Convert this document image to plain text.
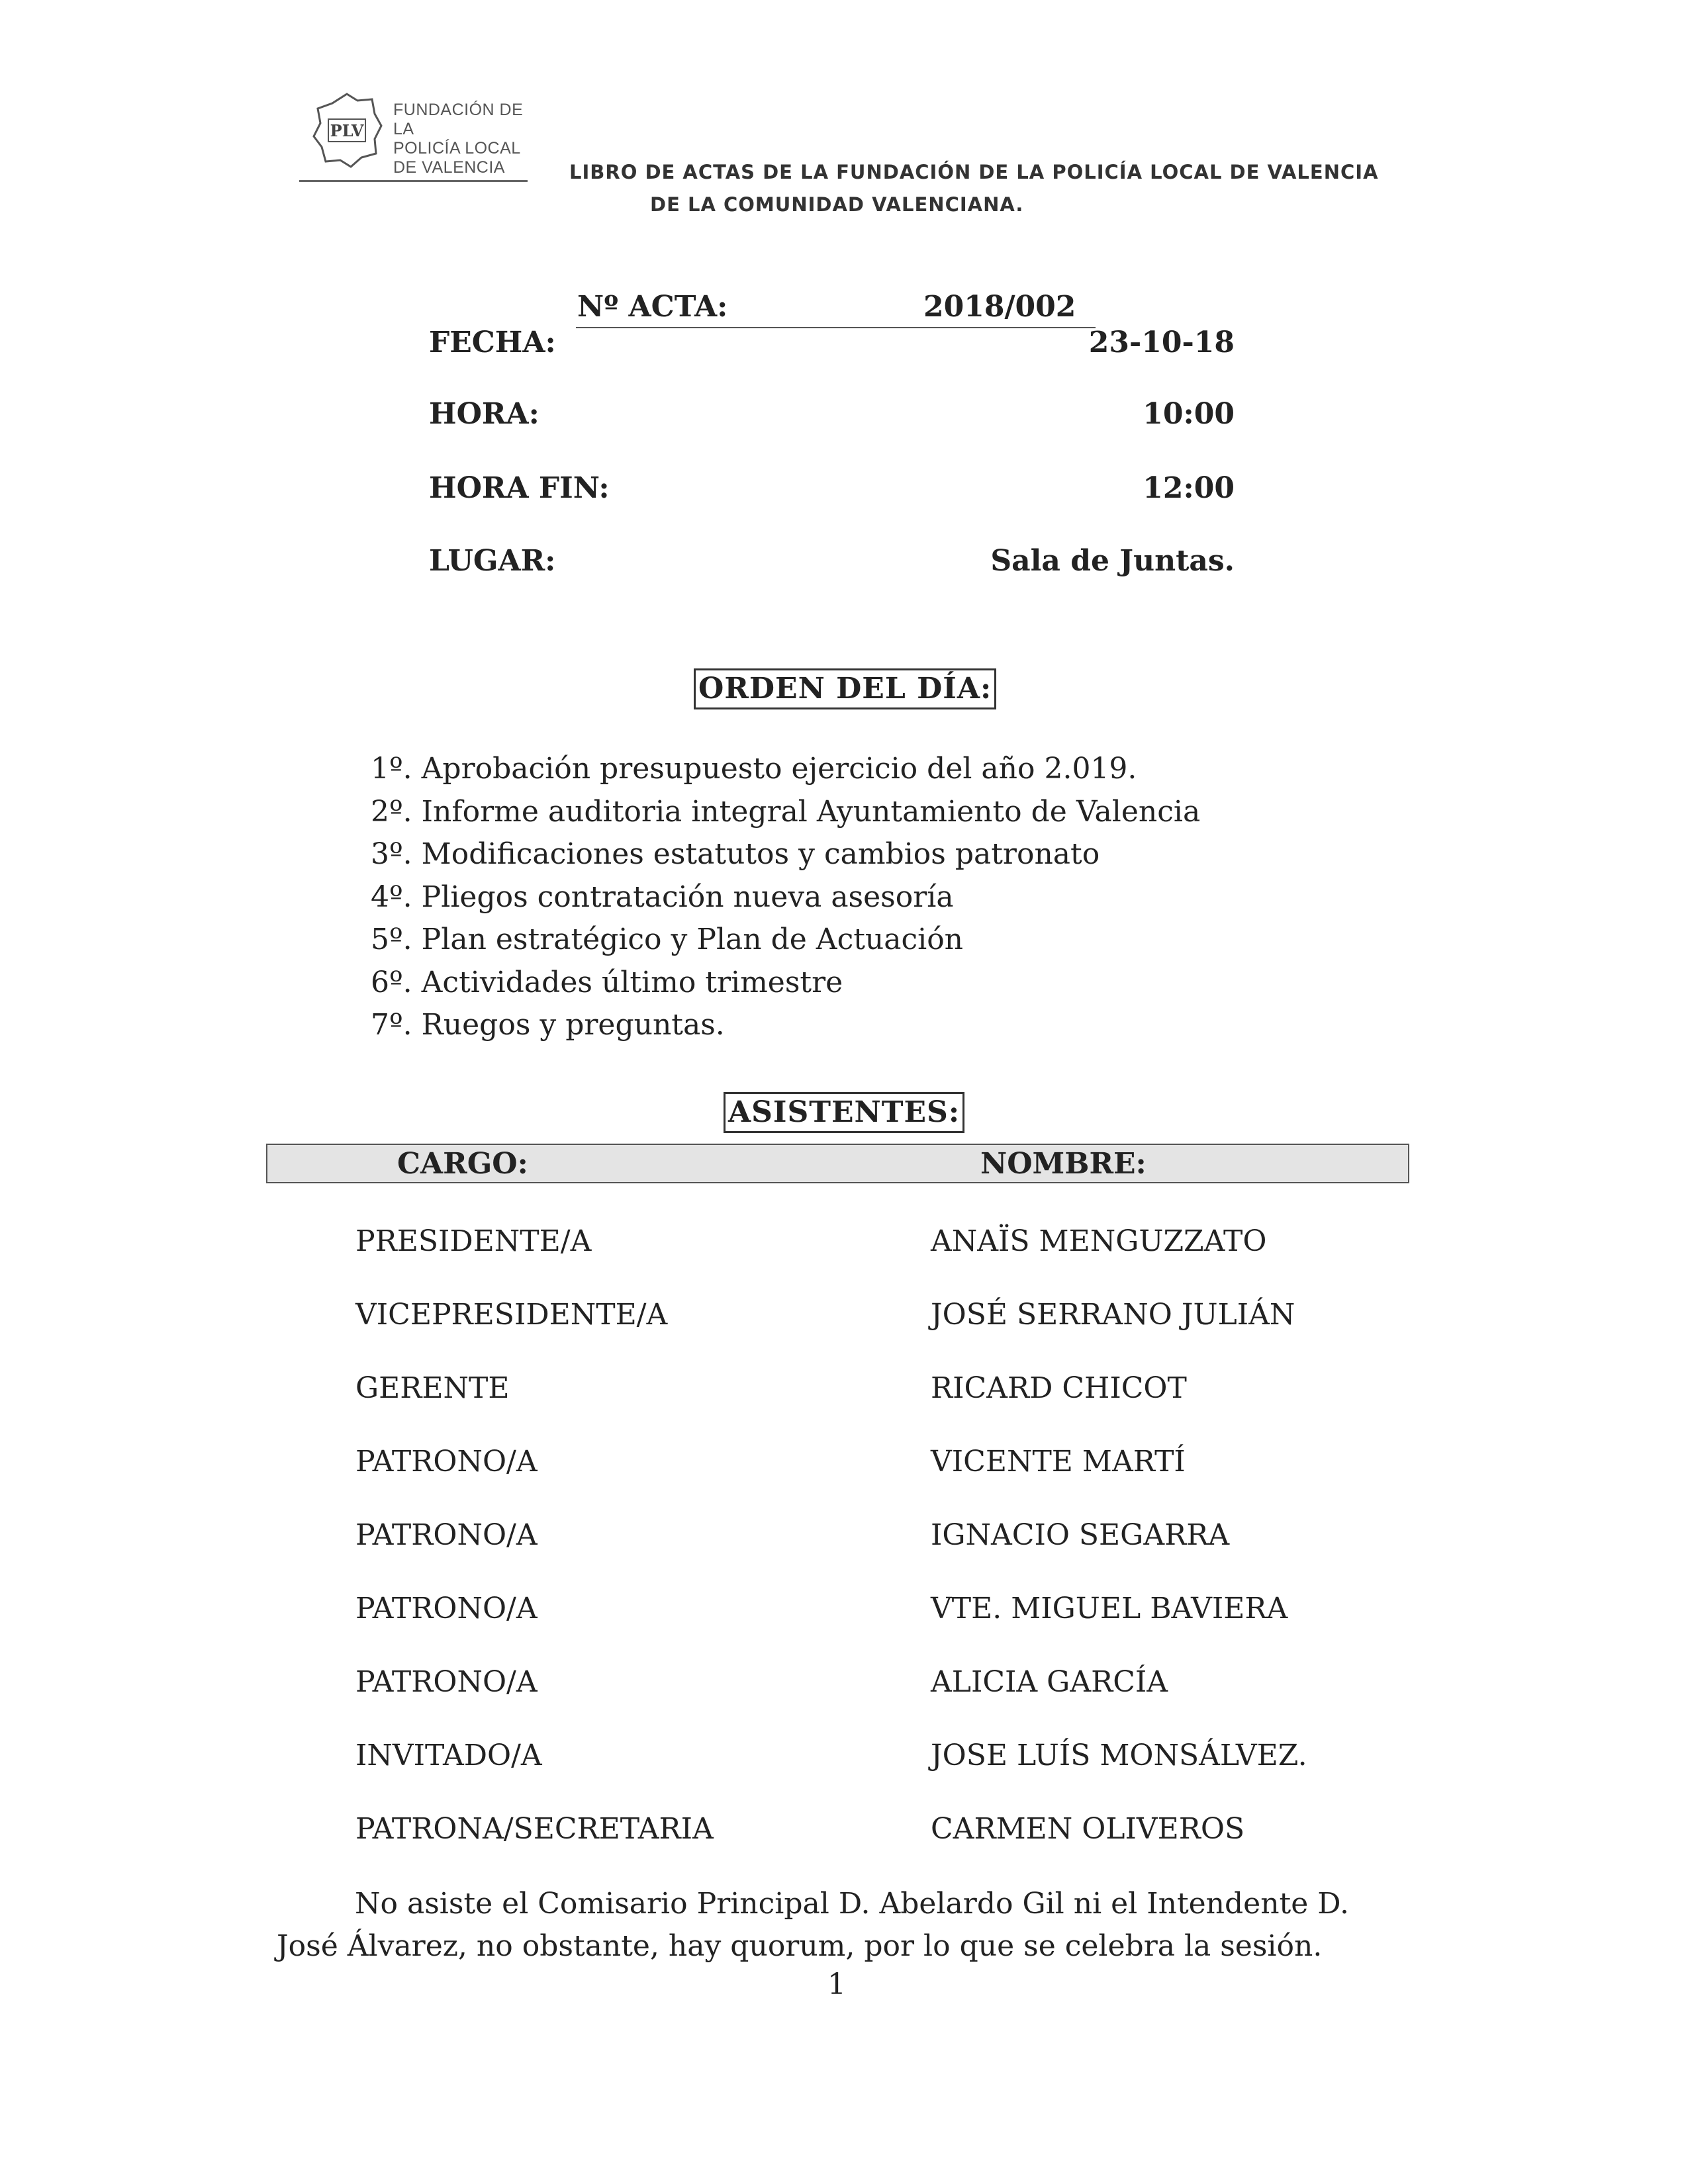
PLV
FUNDACIÓN DE LA
POLICÍA LOCAL
DE VALENCIA	LIBRO DE ACTAS DE LA FUNDACIÓN DE LA POLICÍA LOCAL DE VALENCIA
DE LA COMUNIDAD VALENCIANA.
Nº ACTA:	2018/002
FECHA:	23-10-18
HORA:	10:00
HORA FIN:	12:00
LUGAR:	Sala de Juntas.
ORDEN DEL DÍA:
1º. Aprobación presupuesto ejercicio del año 2.019.
2º. Informe auditoria integral Ayuntamiento de Valencia
3º. Modificaciones estatutos y cambios patronato
4º. Pliegos contratación nueva asesoría
5º. Plan estratégico y Plan de Actuación
6º. Actividades último trimestre
7º. Ruegos y preguntas.
ASISTENTES:
CARGO:	NOMBRE:
PRESIDENTE/A	ANAÏS MENGUZZATO
VICEPRESIDENTE/A	JOSÉ SERRANO JULIÁN
GERENTE	RICARD CHICOT
PATRONO/A	VICENTE MARTÍ
PATRONO/A	IGNACIO SEGARRA
PATRONO/A	VTE. MIGUEL BAVIERA
PATRONO/A	ALICIA GARCÍA
INVITADO/A	JOSE LUÍS MONSÁLVEZ.
PATRONA/SECRETARIA	CARMEN OLIVEROS
No asiste el Comisario Principal D. Abelardo Gil ni el Intendente D.
José Álvarez, no obstante, hay quorum, por lo que se celebra la sesión.
1
